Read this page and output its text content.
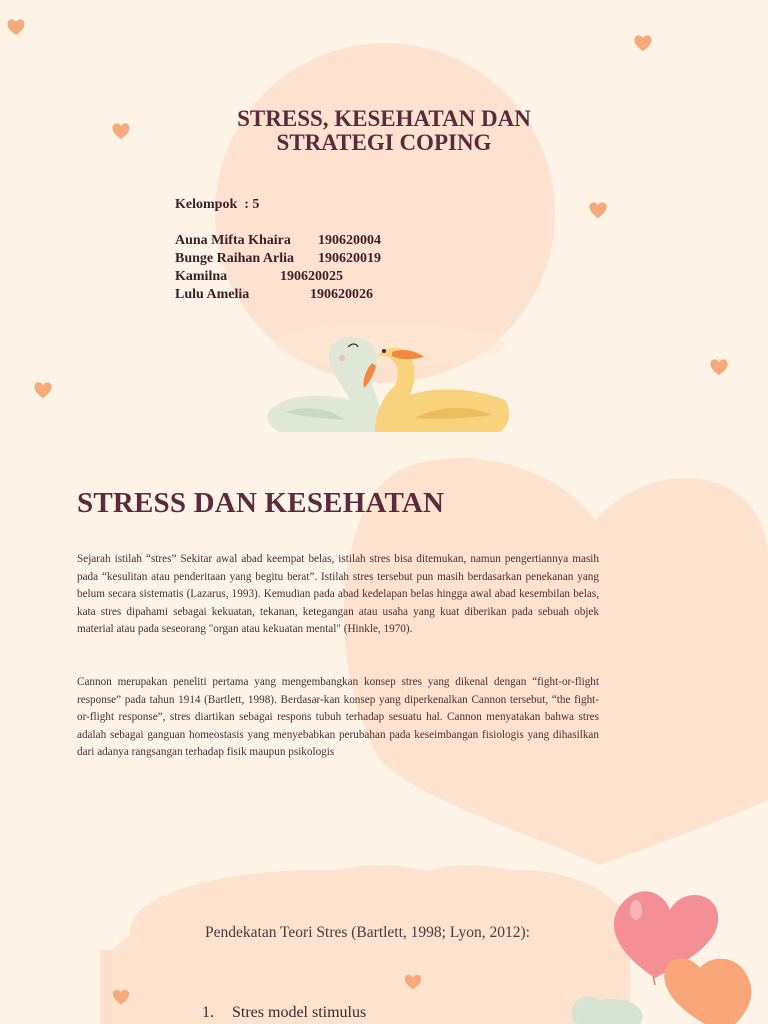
STRESS, KESEHATAN DAN
STRATEGI COPING
Kelompok  : 5
Auna Mifta Khaira 190620004
Bunge Raihan Arlia 190620019
Kamilna	190620025
Lulu Amelia	190620026
STRESS DAN KESEHATAN
Sejarah istilah “stres” Sekitar awal abad keempat belas, istilah stres bisa ditemukan, namun pengertiannya masih pada “kesulitan atau penderitaan yang begitu berat”. Istilah stres tersebut pun masih berdasarkan penekanan yang belum secara sistematis (Lazarus, 1993). Kemudian pada abad kedelapan belas hingga awal abad kesembilan belas, kata stres dipahami sebagai kekuatan, tekanan, ketegangan atau usaha yang kuat diberikan pada sebuah objek material atau pada seseorang "organ atau kekuatan mental" (Hinkle, 1970).
Cannon merupakan peneliti pertama yang mengembangkan konsep stres yang dikenal dengan “fight-or-flight response” pada tahun 1914 (Bartlett, 1998). Berdasar-kan konsep yang diperkenalkan Cannon tersebut, “the fight-or-flight response”, stres diartikan sebagai respons tubuh terhadap sesuatu hal. Cannon menyatakan bahwa stres adalah sebagai ganguan homeostasis yang menyebabkan perubahan pada keseimbangan fisiologis yang dihasilkan dari adanya rangsangan terhadap fisik maupun psikologis
Pendekatan Teori Stres (Bartlett, 1998; Lyon, 2012):
1. Stres model stimulus
